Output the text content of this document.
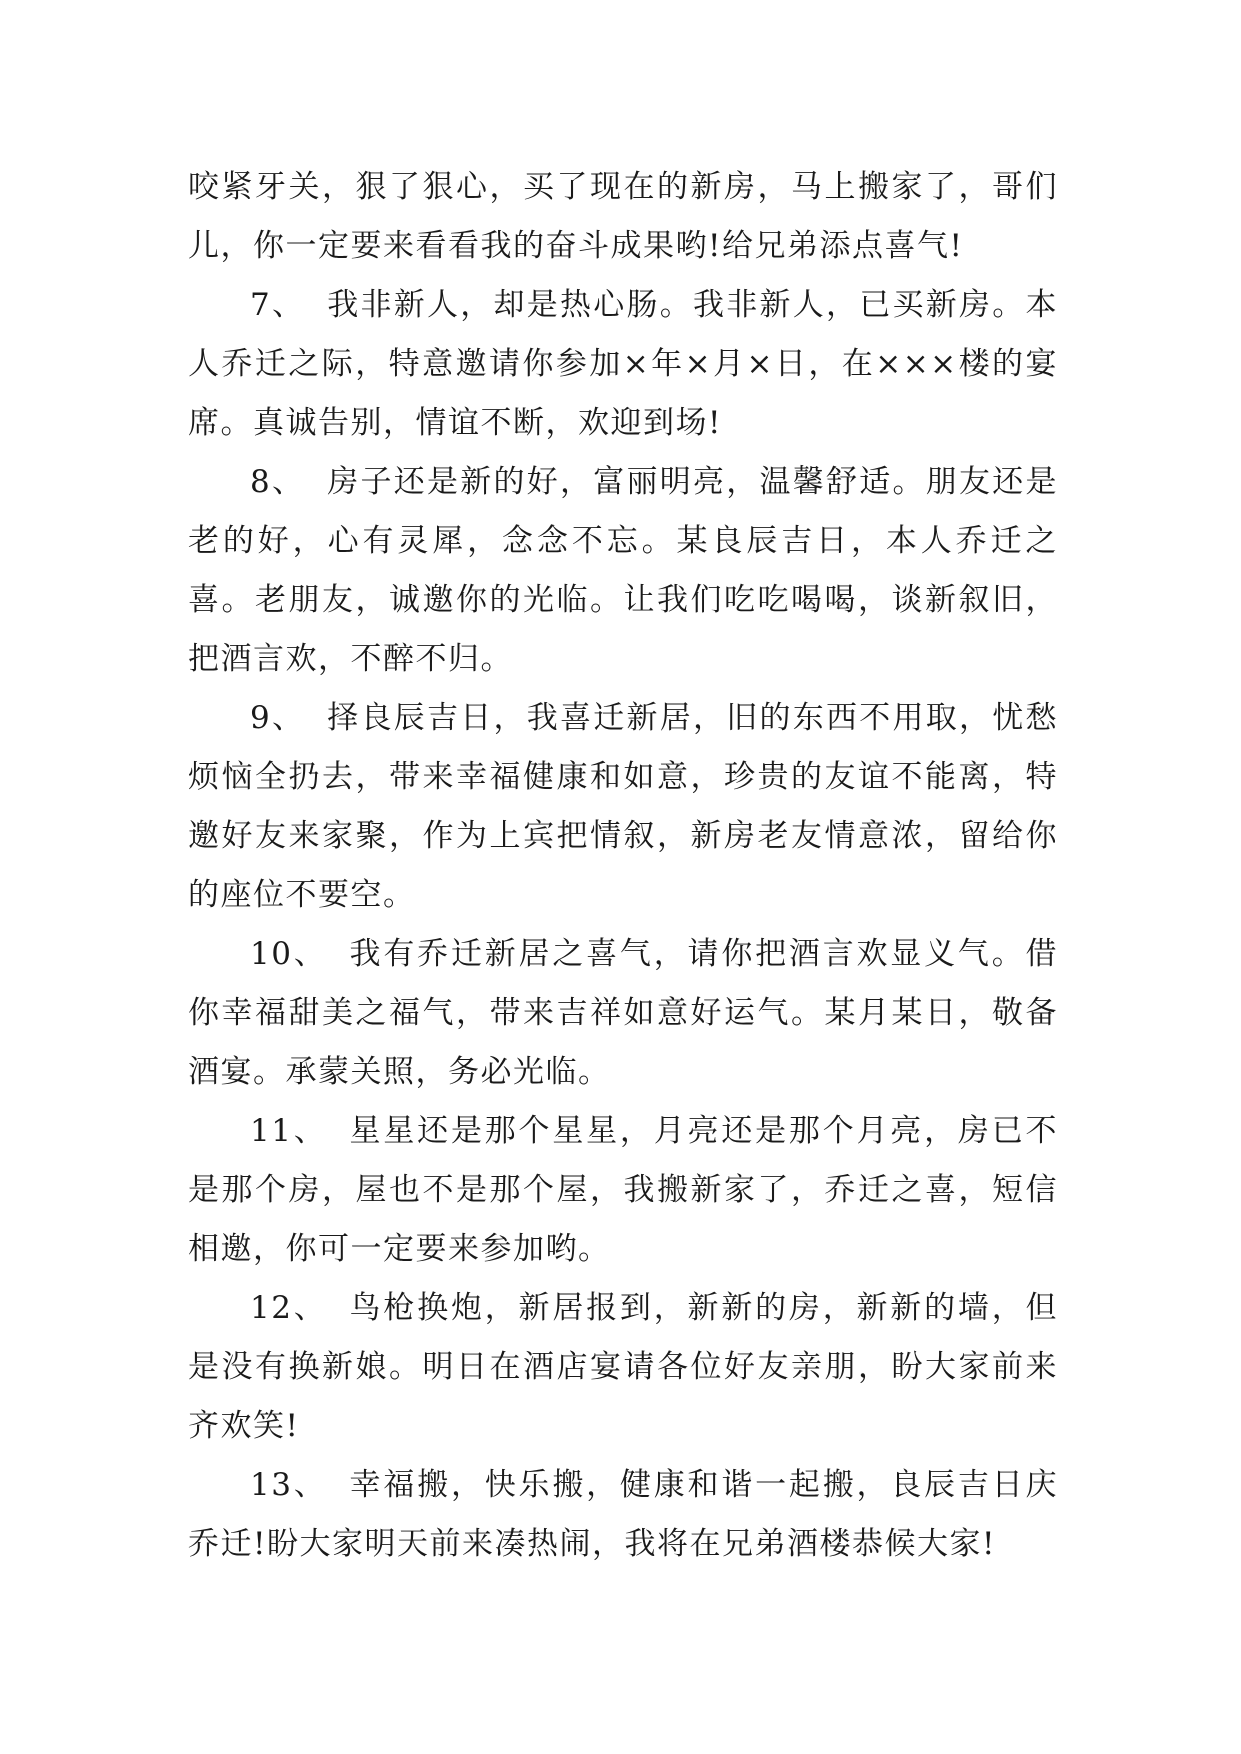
咬紧牙关，狠了狠心，买了现在的新房，马上搬家了，哥们儿，你一定要来看看我的奋斗成果哟!给兄弟添点喜气!

7、 我非新人，却是热心肠。我非新人，已买新房。本人乔迁之际，特意邀请你参加×年×月×日，在×××楼的宴席。真诚告别，情谊不断，欢迎到场!

8、 房子还是新的好，富丽明亮，温馨舒适。朋友还是老的好，心有灵犀，念念不忘。某良辰吉日，本人乔迁之喜。老朋友，诚邀你的光临。让我们吃吃喝喝，谈新叙旧，把酒言欢，不醉不归。

9、 择良辰吉日，我喜迁新居，旧的东西不用取，忧愁烦恼全扔去，带来幸福健康和如意，珍贵的友谊不能离，特邀好友来家聚，作为上宾把情叙，新房老友情意浓，留给你的座位不要空。

10、 我有乔迁新居之喜气，请你把酒言欢显义气。借你幸福甜美之福气，带来吉祥如意好运气。某月某日，敬备酒宴。承蒙关照，务必光临。

11、 星星还是那个星星，月亮还是那个月亮，房已不是那个房，屋也不是那个屋，我搬新家了，乔迁之喜，短信相邀，你可一定要来参加哟。

12、 鸟枪换炮，新居报到，新新的房，新新的墙，但是没有换新娘。明日在酒店宴请各位好友亲朋，盼大家前来齐欢笑!

13、 幸福搬，快乐搬，健康和谐一起搬，良辰吉日庆乔迁!盼大家明天前来凑热闹，我将在兄弟酒楼恭候大家!
